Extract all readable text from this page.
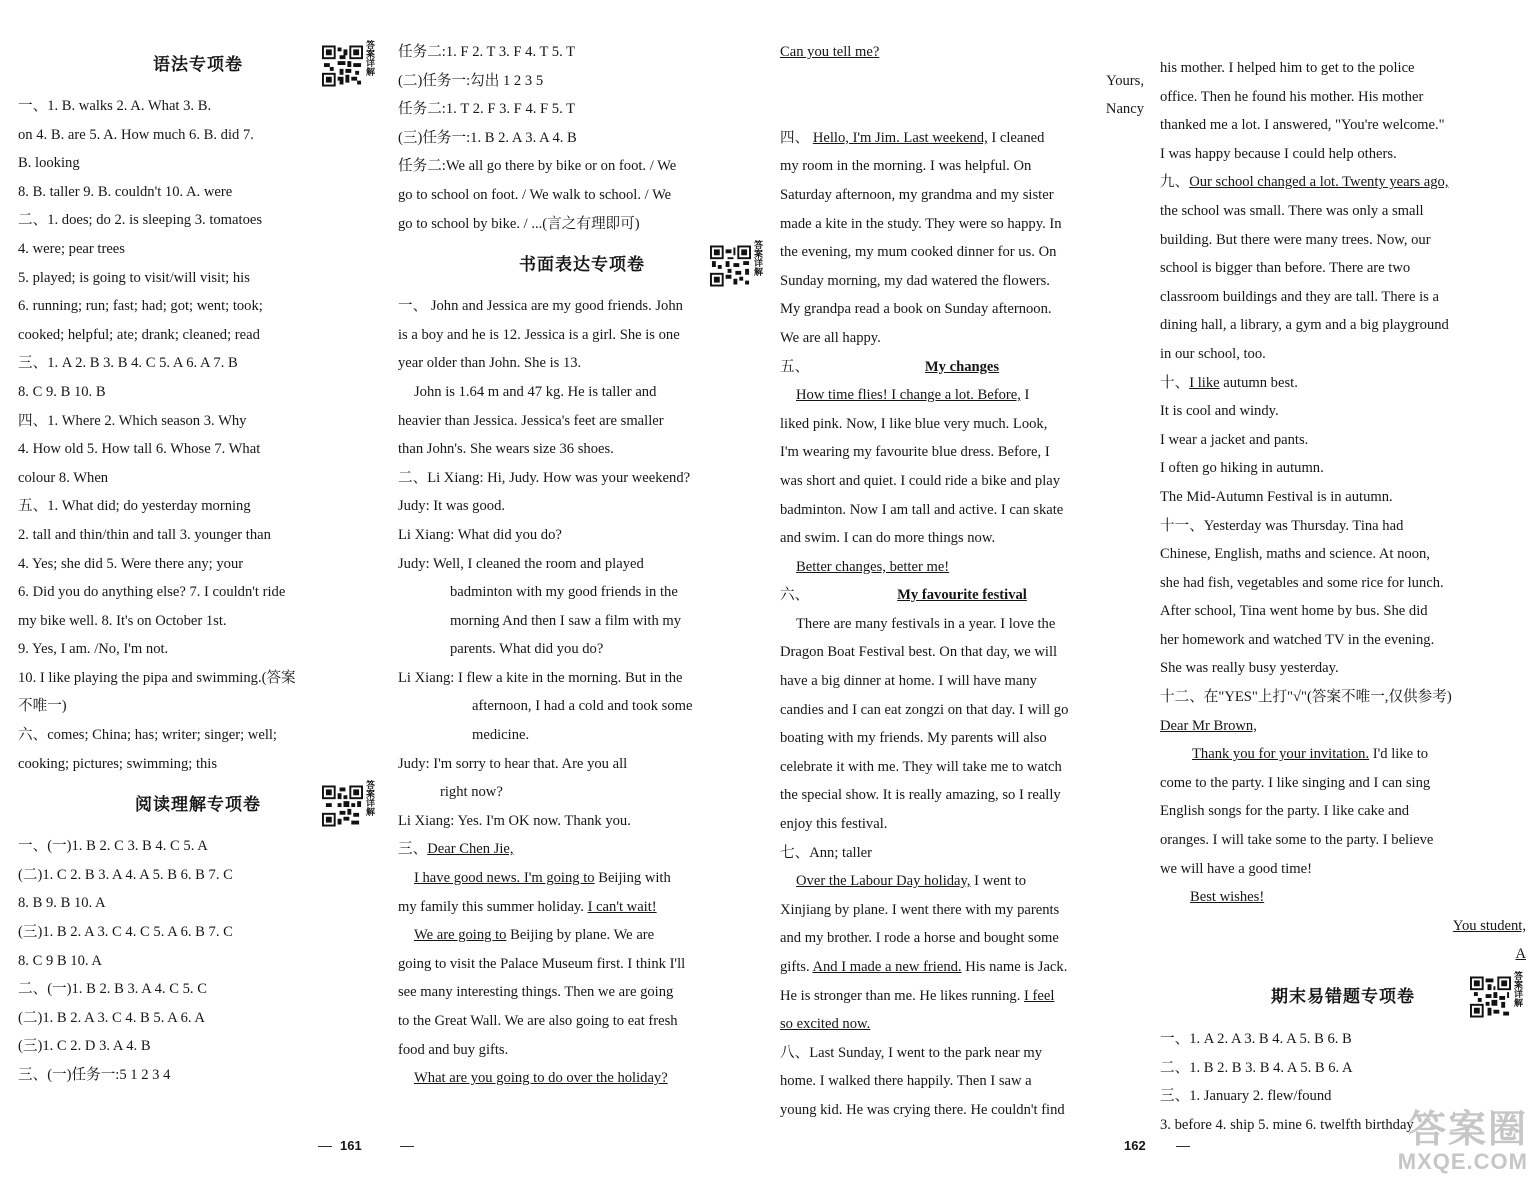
语法专项卷	答案详解

一、1. B. walks 2. A. What 3. B.

on 4. B. are 5. A. How much 6. B. did 7.

B. looking

8. B. taller 9. B. couldn't 10. A. were

二、1. does; do 2. is sleeping 3. tomatoes

4. were; pear trees

5. played; is going to visit/will visit; his

6. running; run; fast; had; got; went; took;

cooked; helpful; ate; drank; cleaned; read

三、1. A 2. B 3. B 4. C 5. A 6. A 7. B

8. C 9. B 10. B

四、1. Where 2. Which season 3. Why

4. How old 5. How tall 6. Whose 7. What

colour 8. When

五、1. What did; do yesterday morning

2. tall and thin/thin and tall 3. younger than

4. Yes; she did 5. Were there any; your

6. Did you do anything else? 7. I couldn't ride

my bike well. 8. It's on October 1st.

9. Yes, I am. /No, I'm not.

10. I like playing the pipa and swimming.(答案

不唯一)

六、comes; China; has; writer; singer; well;

cooking; pictures; swimming; this

阅读理解专项卷	答案详解

一、(一)1. B 2. C 3. B 4. C 5. A

(二)1. C 2. B 3. A 4. A 5. B 6. B 7. C

8. B 9. B 10. A

(三)1. B 2. A 3. C 4. C 5. A 6. B 7. C

8. C 9 B 10. A

二、(一)1. B 2. B 3. A 4. C 5. C

(二)1. B 2. A 3. C 4. B 5. A 6. A

(三)1. C 2. D 3. A 4. B

三、(一)任务一:5 1 2 3 4

任务二:1. F 2. T 3. F 4. T 5. T

(二)任务一:勾出 1 2 3 5

任务二:1. T 2. F 3. F 4. F 5. T

(三)任务一:1. B 2. A 3. A 4. B

任务二:We all go there by bike or on foot. / We

go to school on foot. / We walk to school. / We

go to school by bike. / ...(言之有理即可)

书面表达专项卷	答案详解

一、 John and Jessica are my good friends. John

is a boy and he is 12. Jessica is a girl. She is one

year older than John. She is 13.

John is 1.64 m and 47 kg. He is taller and

heavier than Jessica. Jessica's feet are smaller

than John's. She wears size 36 shoes.

二、Li Xiang: Hi, Judy. How was your weekend?

Judy: It was good.

Li Xiang: What did you do?

Judy: Well, I cleaned the room and played

badminton with my good friends in the

morning And then I saw a film with my

parents. What did you do?

Li Xiang: I flew a kite in the morning. But in the

afternoon, I had a cold and took some

medicine.

Judy: I'm sorry to hear that. Are you all

right now?

Li Xiang: Yes. I'm OK now. Thank you.

三、Dear Chen Jie,

I have good news. I'm going to Beijing with

my family this summer holiday. I can't wait!

We are going to Beijing by plane. We are

going to visit the Palace Museum first. I think I'll

see many interesting things. Then we are going

to the Great Wall. We are also going to eat fresh

food and buy gifts.

What are you going to do over the holiday?

Can you tell me?

Yours,

Nancy

四、 Hello, I'm Jim. Last weekend, I cleaned

my room in the morning. I was helpful. On

Saturday afternoon, my grandma and my sister

made a kite in the study. They were so happy. In

the evening, my mum cooked dinner for us. On

Sunday morning, my dad watered the flowers.

My grandpa read a book on Sunday afternoon.

We are all happy.

五、	My changes

How time flies! I change a lot. Before, I

liked pink. Now, I like blue very much. Look,

I'm wearing my favourite blue dress. Before, I

was short and quiet. I could ride a bike and play

badminton. Now I am tall and active. I can skate

and swim. I can do more things now.

Better changes, better me!

六、	My favourite festival

There are many festivals in a year. I love the

Dragon Boat Festival best. On that day, we will

have a big dinner at home. I will have many

candies and I can eat zongzi on that day. I will go

boating with my friends. My parents will also

celebrate it with me. They will take me to watch

the special show. It is really amazing, so I really

enjoy this festival.

七、Ann; taller

Over the Labour Day holiday, I went to

Xinjiang by plane. I went there with my parents

and my brother. I rode a horse and bought some

gifts. And I made a new friend. His name is Jack.

He is stronger than me. He likes running. I feel

so excited now.

八、Last Sunday, I went to the park near my

home. I walked there happily. Then I saw a

young kid. He was crying there. He couldn't find

his mother. I helped him to get to the police

office. Then he found his mother. His mother

thanked me a lot. I answered, "You're welcome."

I was happy because I could help others.

九、Our school changed a lot. Twenty years ago,

the school was small. There was only a small

building. But there were many trees. Now, our

school is bigger than before. There are two

classroom buildings and they are tall. There is a

dining hall, a library, a gym and a big playground

in our school, too.

十、I like autumn best.

It is cool and windy.

I wear a jacket and pants.

I often go hiking in autumn.

The Mid-Autumn Festival is in autumn.

十一、Yesterday was Thursday. Tina had

Chinese, English, maths and science. At noon,

she had fish, vegetables and some rice for lunch.

After school, Tina went home by bus. She did

her homework and watched TV in the evening.

She was really busy yesterday.

十二、在"YES"上打"√"(答案不唯一,仅供参考)

Dear Mr Brown,

Thank you for your invitation. I'd like to

come to the party. I like singing and I can sing

English songs for the party. I like cake and

oranges. I will take some to the party. I believe

we will have a good time!

Best wishes!

You student,

A

期末易错题专项卷	答案详解

一、1. A 2. A 3. B 4. A 5. B 6. B

二、1. B 2. B 3. B 4. A 5. B 6. A

三、1. January 2. flew/found

3. before 4. ship 5. mine 6. twelfth birthday

161	162	答案圈
MXQE.COM
